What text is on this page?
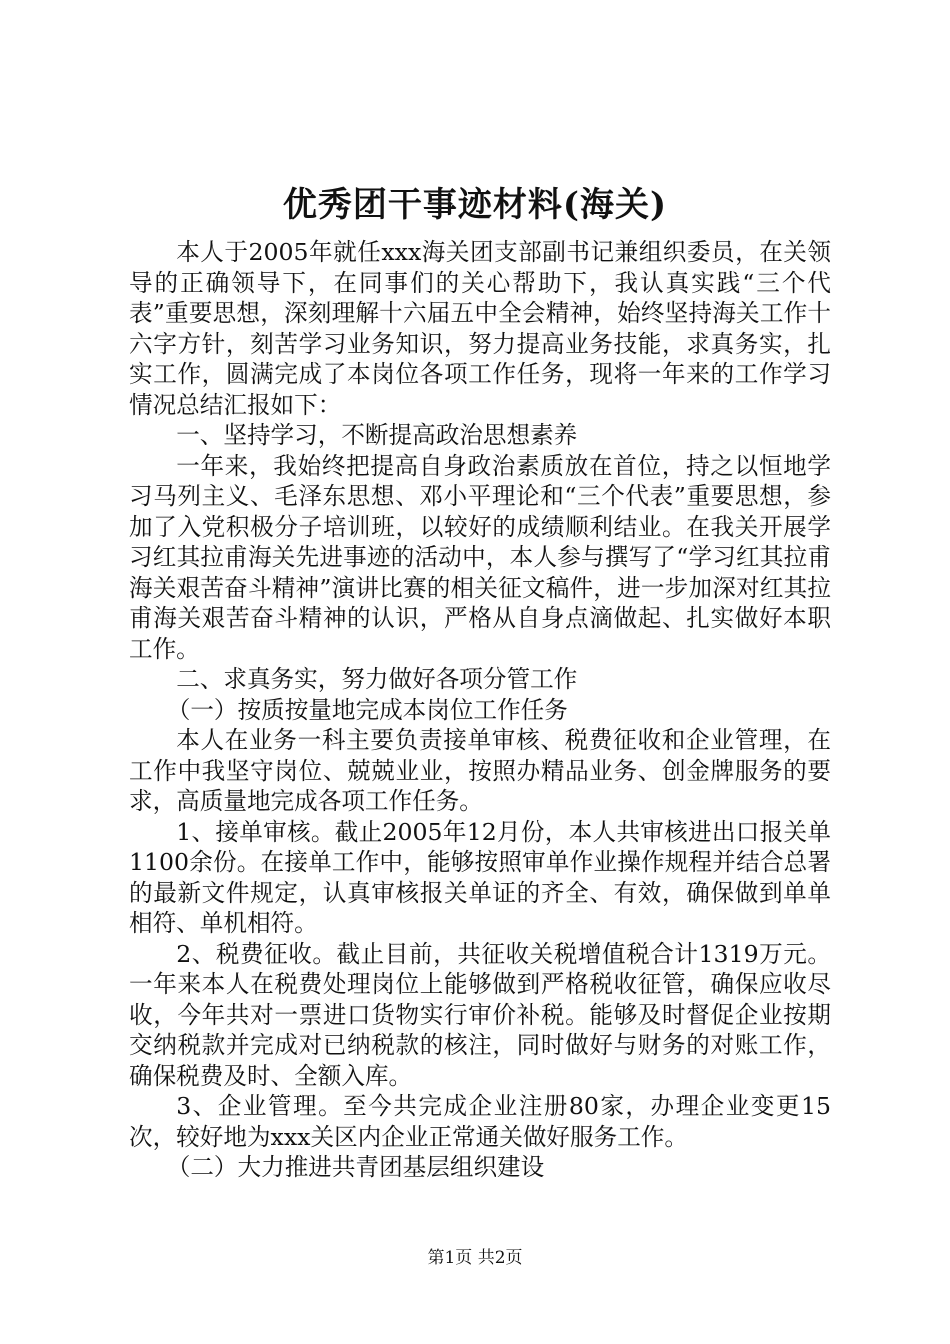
优秀团干事迹材料(海关)

本人于2005年就任xxx海关团支部副书记兼组织委员，在关领导的正确领导下，在同事们的关心帮助下，我认真实践“三个代表”重要思想，深刻理解十六届五中全会精神，始终坚持海关工作十六字方针，刻苦学习业务知识，努力提高业务技能，求真务实，扎实工作，圆满完成了本岗位各项工作任务，现将一年来的工作学习情况总结汇报如下：

一、坚持学习，不断提高政治思想素养

一年来，我始终把提高自身政治素质放在首位，持之以恒地学习马列主义、毛泽东思想、邓小平理论和“三个代表”重要思想，参加了入党积极分子培训班，以较好的成绩顺利结业。在我关开展学习红其拉甫海关先进事迹的活动中，本人参与撰写了“学习红其拉甫海关艰苦奋斗精神”演讲比赛的相关征文稿件，进一步加深对红其拉甫海关艰苦奋斗精神的认识，严格从自身点滴做起、扎实做好本职工作。

二、求真务实，努力做好各项分管工作

（一）按质按量地完成本岗位工作任务

本人在业务一科主要负责接单审核、税费征收和企业管理，在工作中我坚守岗位、兢兢业业，按照办精品业务、创金牌服务的要求，高质量地完成各项工作任务。

1、接单审核。截止2005年12月份，本人共审核进出口报关单1100余份。在接单工作中，能够按照审单作业操作规程并结合总署的最新文件规定，认真审核报关单证的齐全、有效，确保做到单单相符、单机相符。

2、税费征收。截止目前，共征收关税增值税合计1319万元。一年来本人在税费处理岗位上能够做到严格税收征管，确保应收尽收，今年共对一票进口货物实行审价补税。能够及时督促企业按期交纳税款并完成对已纳税款的核注，同时做好与财务的对账工作，确保税费及时、全额入库。

3、企业管理。至今共完成企业注册80家，办理企业变更15次，较好地为xxx关区内企业正常通关做好服务工作。

（二）大力推进共青团基层组织建设

第1页 共2页
